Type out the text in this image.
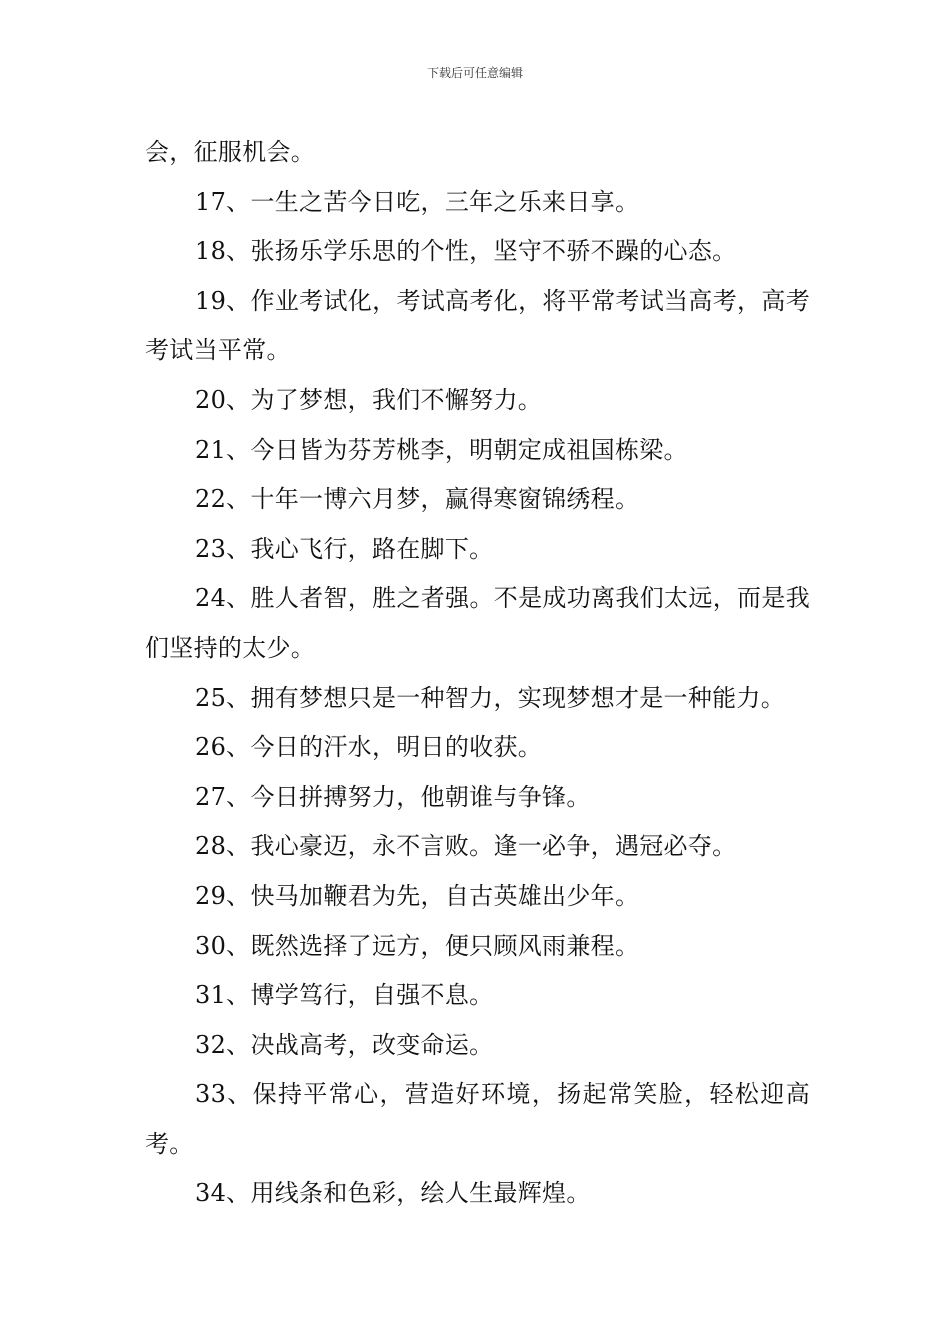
下载后可任意编辑

会，征服机会。

17、一生之苦今日吃，三年之乐来日享。

18、张扬乐学乐思的个性，坚守不骄不躁的心态。

19、作业考试化，考试高考化，将平常考试当高考，高考考试当平常。

20、为了梦想，我们不懈努力。

21、今日皆为芬芳桃李，明朝定成祖国栋梁。

22、十年一博六月梦，赢得寒窗锦绣程。

23、我心飞行，路在脚下。

24、胜人者智，胜之者强。不是成功离我们太远，而是我们坚持的太少。

25、拥有梦想只是一种智力，实现梦想才是一种能力。

26、今日的汗水，明日的收获。

27、今日拼搏努力，他朝谁与争锋。

28、我心豪迈，永不言败。逢一必争，遇冠必夺。

29、快马加鞭君为先，自古英雄出少年。

30、既然选择了远方，便只顾风雨兼程。

31、博学笃行，自强不息。

32、决战高考，改变命运。

33、保持平常心，营造好环境，扬起常笑脸，轻松迎高考。

34、用线条和色彩，绘人生最辉煌。
